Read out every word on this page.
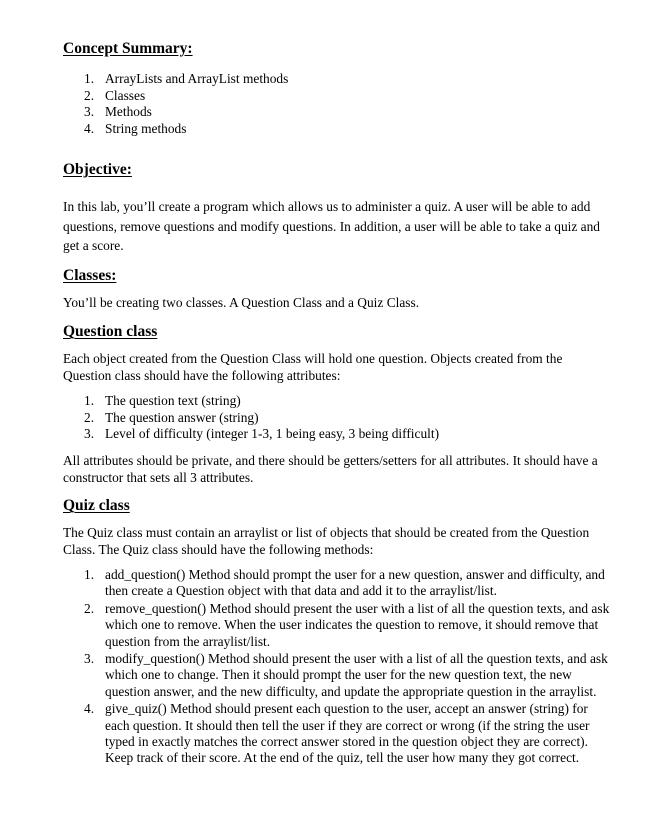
Concept Summary:
1. ArrayLists and ArrayList methods
2. Classes
3. Methods
4. String methods
Objective:

In this lab, you’ll create a program which allows us to administer a quiz. A user will be able to add questions, remove questions and modify questions. In addition, a user will be able to take a quiz and get a score.

Classes:

You’ll be creating two classes. A Question Class and a Quiz Class.

Question class

Each object created from the Question Class will hold one question. Objects created from the Question class should have the following attributes:

1. The question text (string)
2. The question answer (string)
3. Level of difficulty (integer 1-3, 1 being easy, 3 being difficult)

All attributes should be private, and there should be getters/setters for all attributes. It should have a constructor that sets all 3 attributes.

Quiz class

The Quiz class must contain an arraylist or list of objects that should be created from the Question Class. The Quiz class should have the following methods:

1. add_question() Method should prompt the user for a new question, answer and difficulty, and then create a Question object with that data and add it to the arraylist/list.
2. remove_question() Method should present the user with a list of all the question texts, and ask which one to remove. When the user indicates the question to remove, it should remove that question from the arraylist/list.
3. modify_question() Method should present the user with a list of all the question texts, and ask which one to change. Then it should prompt the user for the new question text, the new question answer, and the new difficulty, and update the appropriate question in the arraylist.
4. give_quiz() Method should present each question to the user, accept an answer (string) for each question. It should then tell the user if they are correct or wrong (if the string the user typed in exactly matches the correct answer stored in the question object they are correct). Keep track of their score. At the end of the quiz, tell the user how many they got correct.
